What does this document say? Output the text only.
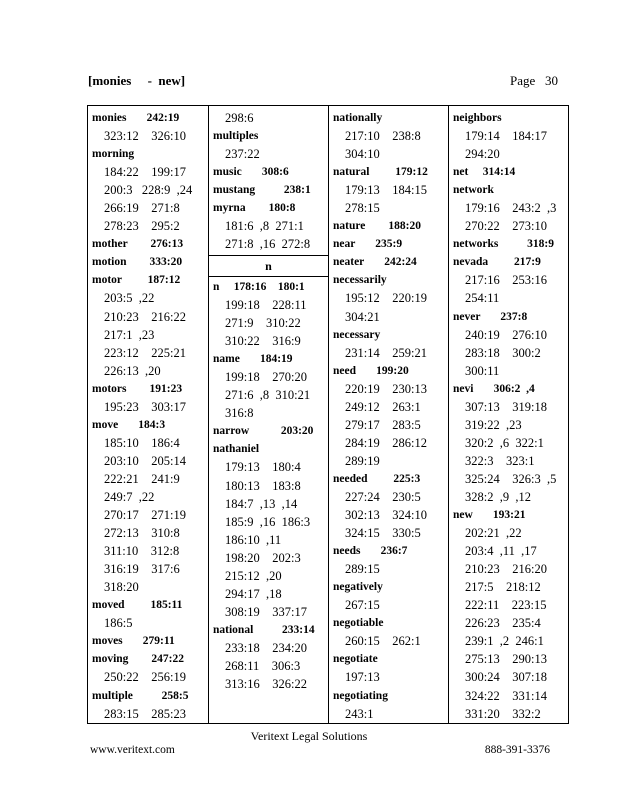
[monies     -  new]	Page   30
monies       242:19
323:12    326:10
morning
184:22    199:17
200:3   228:9  ,24
266:19    271:8
278:23    295:2
mother        276:13
motion        333:20
motor         187:12
203:5  ,22
210:23    216:22
217:1  ,23
223:12    225:21
226:13  ,20
motors        191:23
195:23    303:17
move       184:3
185:10    186:4
203:10    205:14
222:21    241:9
249:7  ,22
270:17    271:19
272:13    310:8
311:10    312:8
316:19    317:6
318:20
moved         185:11
186:5
moves       279:11
moving        247:22
250:22    256:19
multiple          258:5
283:15    285:23
298:6
multiples
237:22
music       308:6
mustang          238:1
myrna        180:8
181:6  ,8  271:1
271:8  ,16  272:8
n
n     178:16    180:1
199:18    228:11
271:9    310:22
310:22    316:9
name       184:19
199:18    270:20
271:6  ,8  310:21
316:8
narrow           203:20
nathaniel
179:13    180:4
180:13    183:8
184:7  ,13  ,14
185:9  ,16  186:3
186:10  ,11
198:20    202:3
215:12  ,20
294:17  ,18
308:19    337:17
national          233:14
233:18    234:20
268:11    306:3
313:16    326:22
nationally
217:10    238:8
304:10
natural         179:12
179:13    184:15
278:15
nature        188:20
near       235:9
neater       242:24
necessarily
195:12    220:19
304:21
necessary
231:14    259:21
need       199:20
220:19    230:13
249:12    263:1
279:17    283:5
284:19    286:12
289:19
needed         225:3
227:24    230:5
302:13    324:10
324:15    330:5
needs       236:7
289:15
negatively
267:15
negotiable
260:15    262:1
negotiate
197:13
negotiating
243:1
neighbors
179:14    184:17
294:20
net     314:14
network
179:16    243:2  ,3
270:22    273:10
networks          318:9
nevada         217:9
217:16    253:16
254:11
never       237:8
240:19    276:10
283:18    300:2
300:11
nevi       306:2  ,4
307:13    319:18
319:22  ,23
320:2  ,6  322:1
322:3    323:1
325:24    326:3  ,5
328:2  ,9  ,12
new       193:21
202:21  ,22
203:4  ,11  ,17
210:23    216:20
217:5    218:12
222:11    223:15
226:23    235:4
239:1  ,2  246:1
275:13    290:13
300:24    307:18
324:22    331:14
331:20    332:2
Veritext Legal Solutions
www.veritext.com	888-391-3376
